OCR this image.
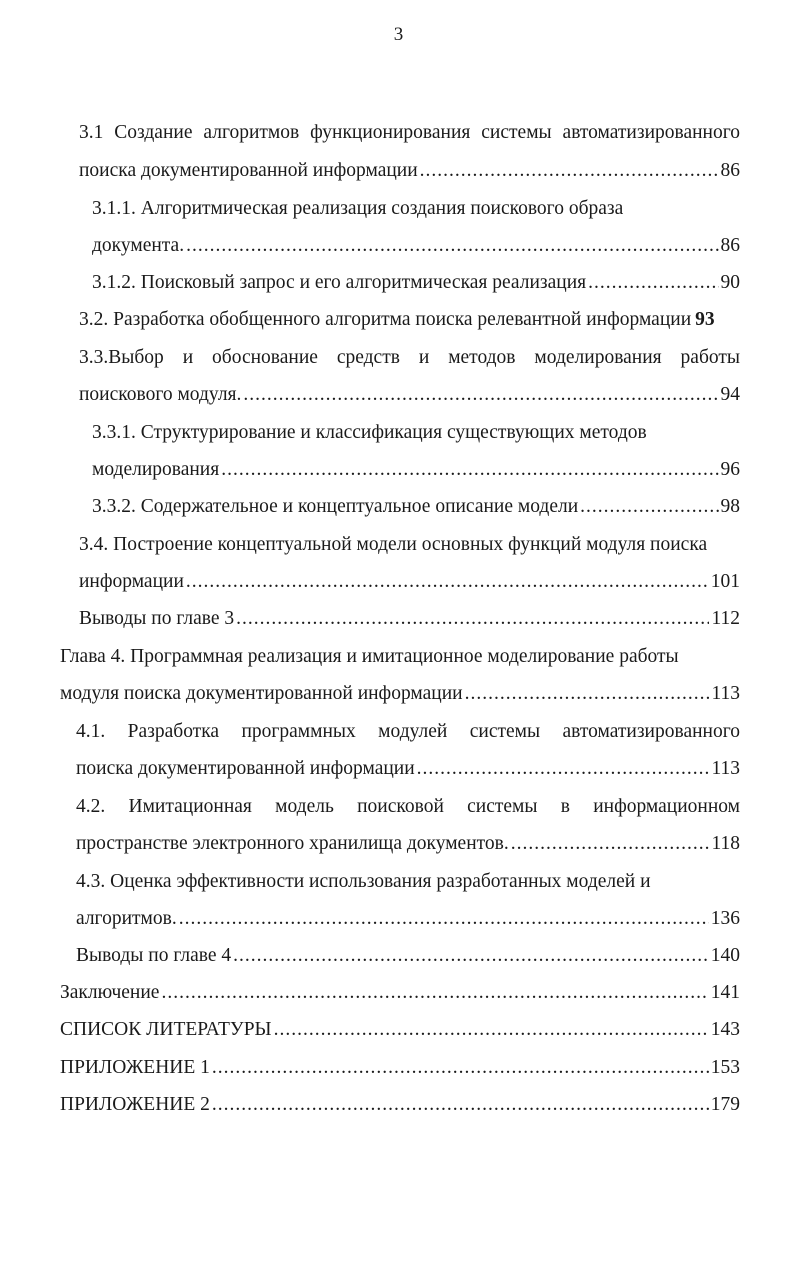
3
3.1 Создание алгоритмов функционирования системы автоматизированного
поиска документированной информации .....	86
3.1.1. Алгоритмическая реализация создания поискового образа
документа. .....	86
3.1.2. Поисковый запрос и его алгоритмическая реализация .....	90
3.2. Разработка обобщенного алгоритма поиска релевантной информации 93
3.3.Выбор и обоснование средств и методов моделирования работы
поискового модуля. .....	94
3.3.1. Структурирование и классификация существующих методов
моделирования .....	96
3.3.2. Содержательное и концептуальное описание модели .....	98
3.4. Построение концептуальной модели основных функций модуля поиска
информации .....	101
Выводы по главе 3 .....	112
Глава 4. Программная реализация и имитационное моделирование работы
модуля поиска документированной информации .....	113
4.1. Разработка программных модулей системы автоматизированного
поиска документированной информации .....	113
4.2. Имитационная модель поисковой системы в информационном
пространстве электронного хранилища документов. .....	118
4.3. Оценка эффективности использования разработанных моделей и
алгоритмов. .....	136
Выводы по главе 4 .....	140
Заключение .....	141
СПИСОК ЛИТЕРАТУРЫ .....	143
ПРИЛОЖЕНИЕ 1 .....	153
ПРИЛОЖЕНИЕ 2 .....	179
